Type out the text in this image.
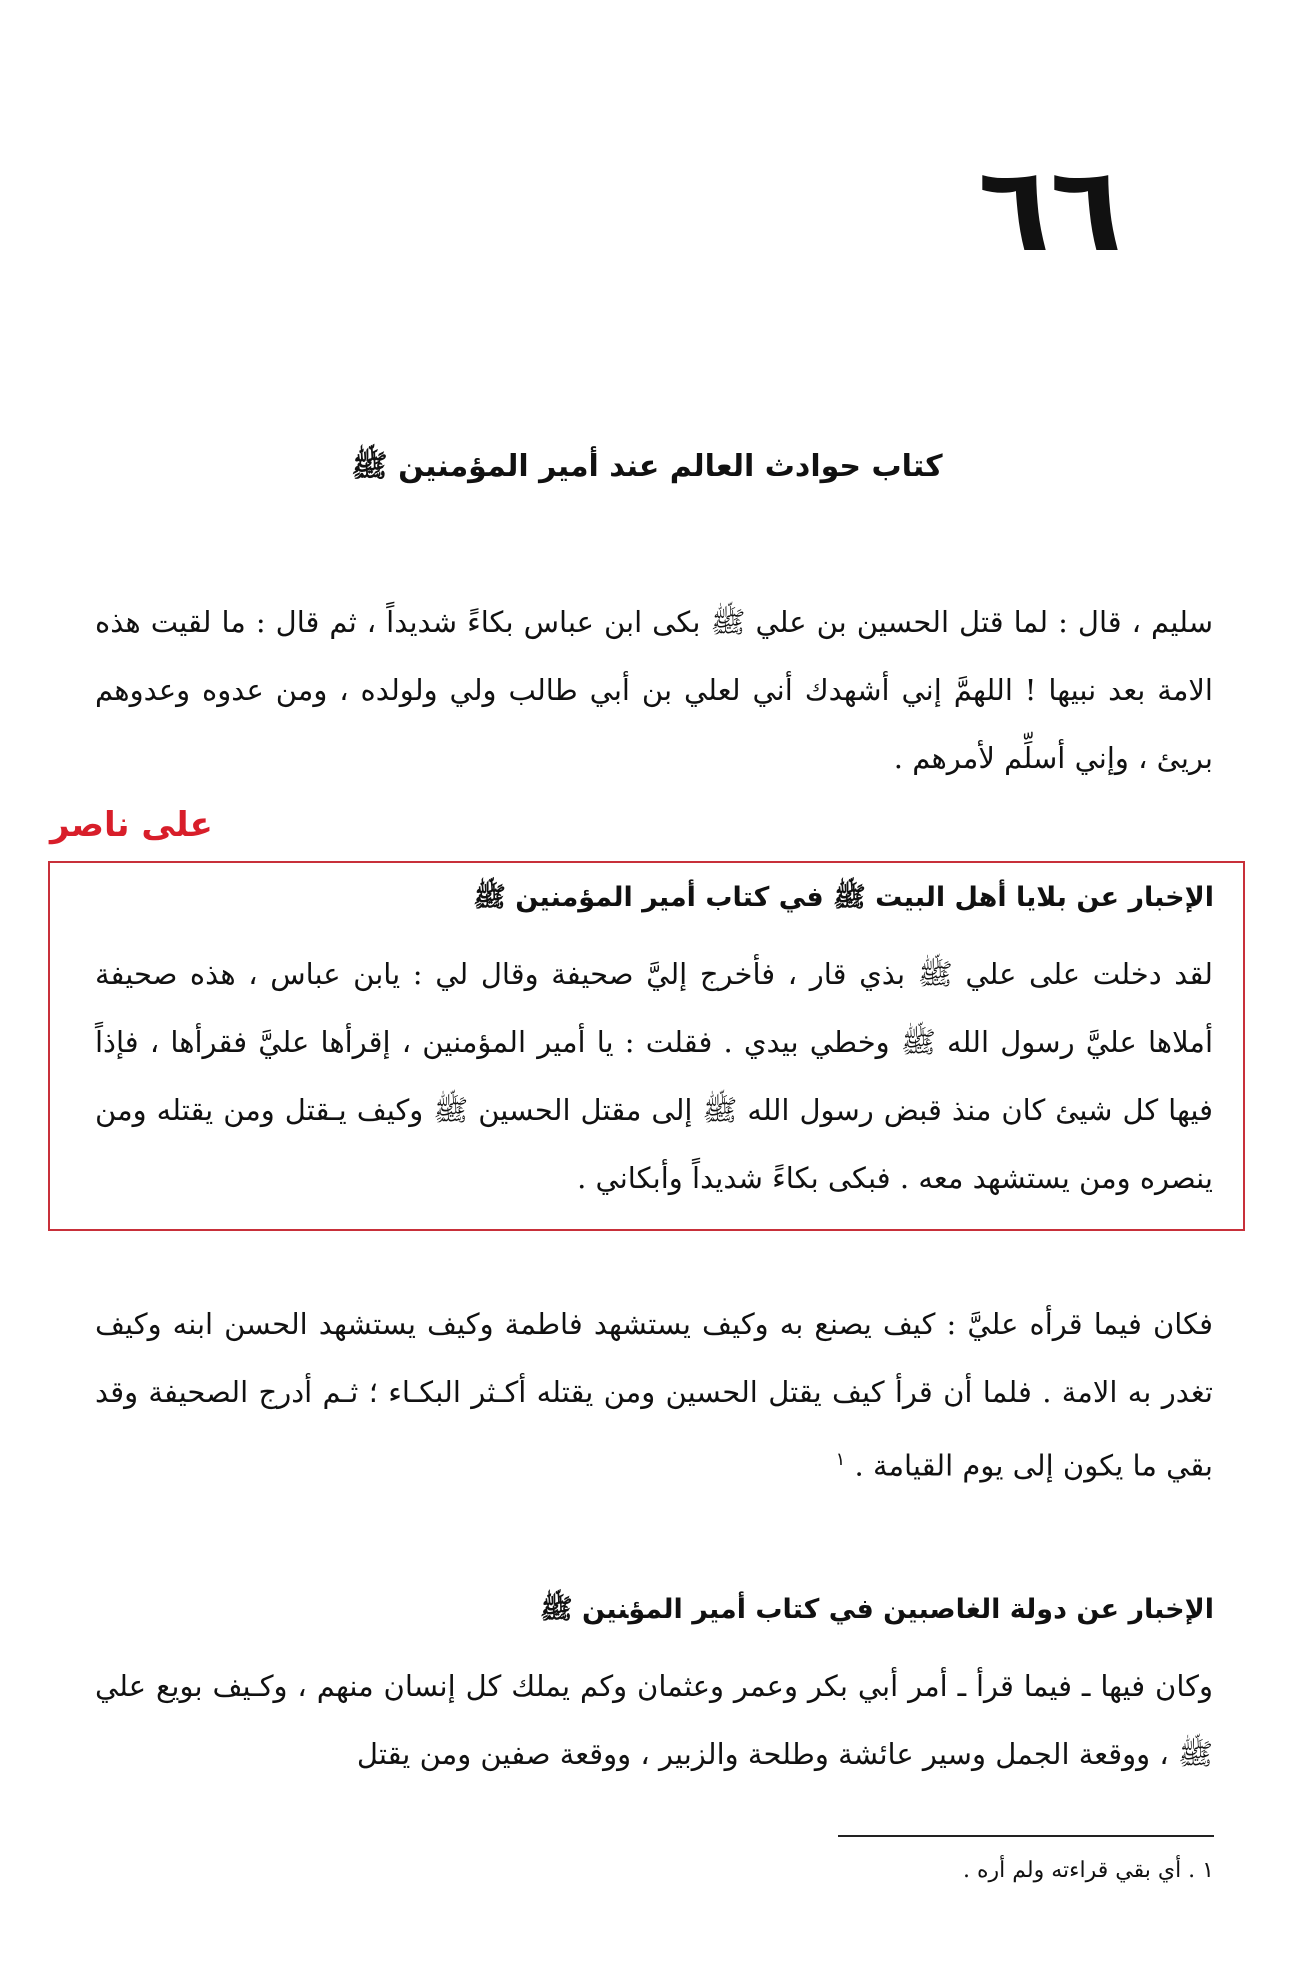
٦٦
كتاب حوادث العالم عند أمير المؤمنين ﷺ

سليم ، قال : لما قتل الحسين بن علي ﷺ بكى ابن عباس بكاءً شديداً ، ثم قال : ما لقيت هذه الامة بعد نبيها ! اللهمَّ إني أشهدك أني لعلي بن أبي طالب ولي ولولده ، ومن عدوه وعدوهم بريئ ، وإني أسلِّم لأمرهم .

على ناصر
الإخبار عن بلايا أهل البيت ﷺ في كتاب أمير المؤمنين ﷺ

لقد دخلت على علي ﷺ بذي قار ، فأخرج إليَّ صحيفة وقال لي : يابن عباس ، هذه صحيفة أملاها عليَّ رسول الله ﷺ وخطي بيدي . فقلت : يا أمير المؤمنين ، إقرأها عليَّ فقرأها ، فإذاً فيها كل شيئ كان منذ قبض رسول الله ﷺ إلى مقتل الحسين ﷺ وكيف يـقتل ومن يقتله ومن ينصره ومن يستشهد معه . فبكى بكاءً شديداً وأبكاني .

فكان فيما قرأه عليَّ : كيف يصنع به وكيف يستشهد فاطمة وكيف يستشهد الحسن ابنه وكيف تغدر به الامة . فلما أن قرأ كيف يقتل الحسين ومن يقتله أكـثر البكـاء ؛ ثـم أدرج الصحيفة وقد بقي ما يكون إلى يوم القيامة . $^١$

الإخبار عن دولة الغاصبين في كتاب أمير المؤ‍نين ﷺ

وكان فيها ـ فيما قرأ ـ أمر أبي بكر وعمر وعثمان وكم يملك كل إنسان منهم ، وكـيف بويع علي ﷺ ، ووقعة الجمل وسير عائشة وطلحة والزبير ، ووقعة صفين ومن يقتل

١ . أي بقي قراءته ولم أره .
